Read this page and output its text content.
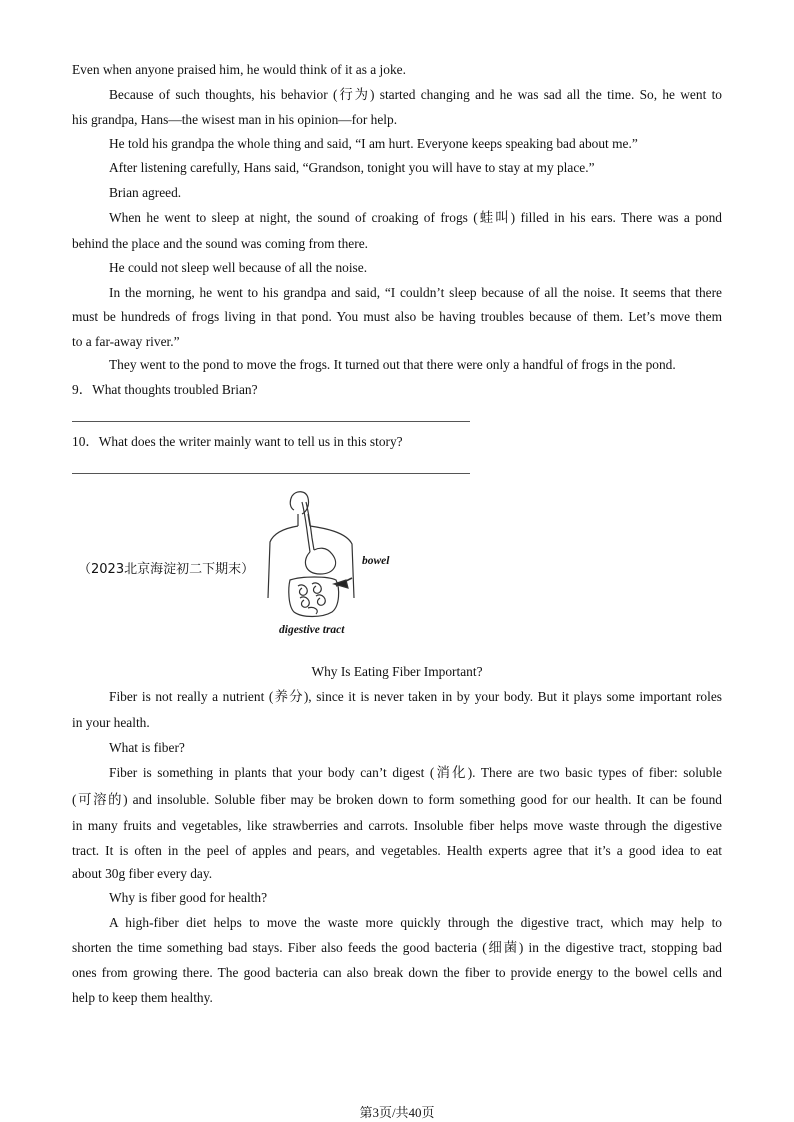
Even when anyone praised him, he would think of it as a joke.
Because of such thoughts, his behavior (行为) started changing and he was sad all the time. So, he went to
his grandpa, Hans—the wisest man in his opinion—for help.
He told his grandpa the whole thing and said, “I am hurt. Everyone keeps speaking bad about me.”
After listening carefully, Hans said, “Grandson, tonight you will have to stay at my place.”
Brian agreed.
When he went to sleep at night, the sound of croaking of frogs (蛙叫) filled in his ears. There was a pond
behind the place and the sound was coming from there.
He could not sleep well because of all the noise.
In the morning, he went to his grandpa and said, “I couldn’t sleep because of all the noise. It seems that there
must be hundreds of frogs living in that pond. You must also be having troubles because of them. Let’s move them
to a far-away river.”
They went to the pond to move the frogs. It turned out that there were only a handful of frogs in the pond.
9．What thoughts troubled Brian?
10．What does the writer mainly want to tell us in this story?
（2023北京海淀初二下期末）
bowel
digestive tract
Why Is Eating Fiber Important?
Fiber is not really a nutrient (养分), since it is never taken in by your body. But it plays some important roles
in your health.
What is fiber?
Fiber is something in plants that your body can’t digest (消化). There are two basic types of fiber: soluble
(可溶的) and insoluble. Soluble fiber may be broken down to form something good for our health. It can be found
in many fruits and vegetables, like strawberries and carrots. Insoluble fiber helps move waste through the digestive
tract. It is often in the peel of apples and pears, and vegetables. Health experts agree that it’s a good idea to eat
about 30g fiber every day.
Why is fiber good for health?
A high-fiber diet helps to move the waste more quickly through the digestive tract, which may help to
shorten the time something bad stays. Fiber also feeds the good bacteria (细菌) in the digestive tract, stopping bad
ones from growing there. The good bacteria can also break down the fiber to provide energy to the bowel cells and
help to keep them healthy.
第3页/共40页
